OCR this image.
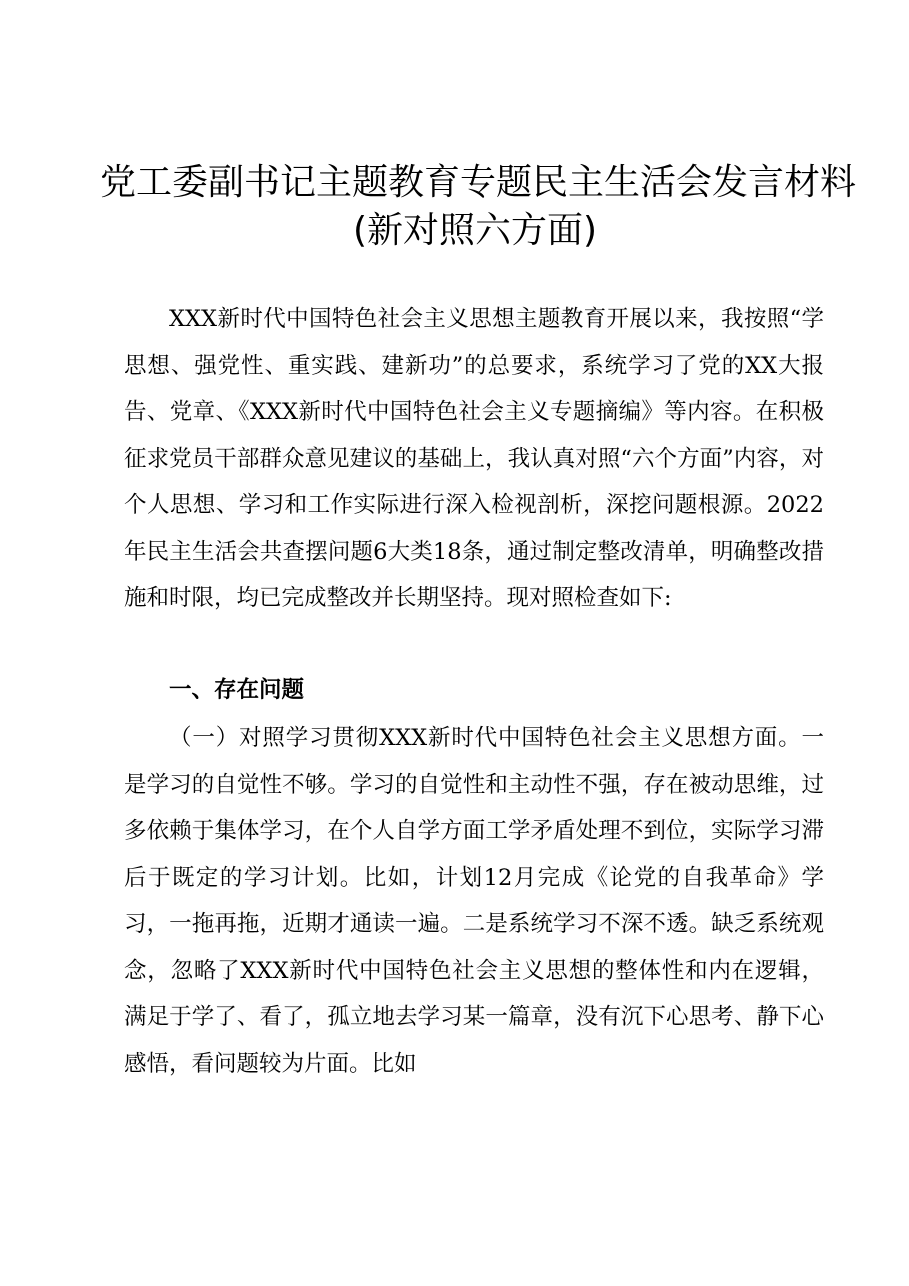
党工委副书记主题教育专题民主生活会发言材料
(新对照六方面)

XXX新时代中国特色社会主义思想主题教育开展以来，我按照“学思想、强党性、重实践、建新功”的总要求，系统学习了党的XX大报告、党章、《XXX新时代中国特色社会主义专题摘编》等内容。在积极征求党员干部群众意见建议的基础上，我认真对照“六个方面”内容，对个人思想、学习和工作实际进行深入检视剖析，深挖问题根源。2022年民主生活会共查摆问题6大类18条，通过制定整改清单，明确整改措施和时限，均已完成整改并长期坚持。现对照检查如下:

一、存在问题

（一）对照学习贯彻XXX新时代中国特色社会主义思想方面。一是学习的自觉性不够。学习的自觉性和主动性不强，存在被动思维，过多依赖于集体学习，在个人自学方面工学矛盾处理不到位，实际学习滞后于既定的学习计划。比如，计划12月完成《论党的自我革命》学习，一拖再拖，近期才通读一遍。二是系统学习不深不透。缺乏系统观念，忽略了XXX新时代中国特色社会主义思想的整体性和内在逻辑，满足于学了、看了，孤立地去学习某一篇章，没有沉下心思考、静下心感悟，看问题较为片面。比如
